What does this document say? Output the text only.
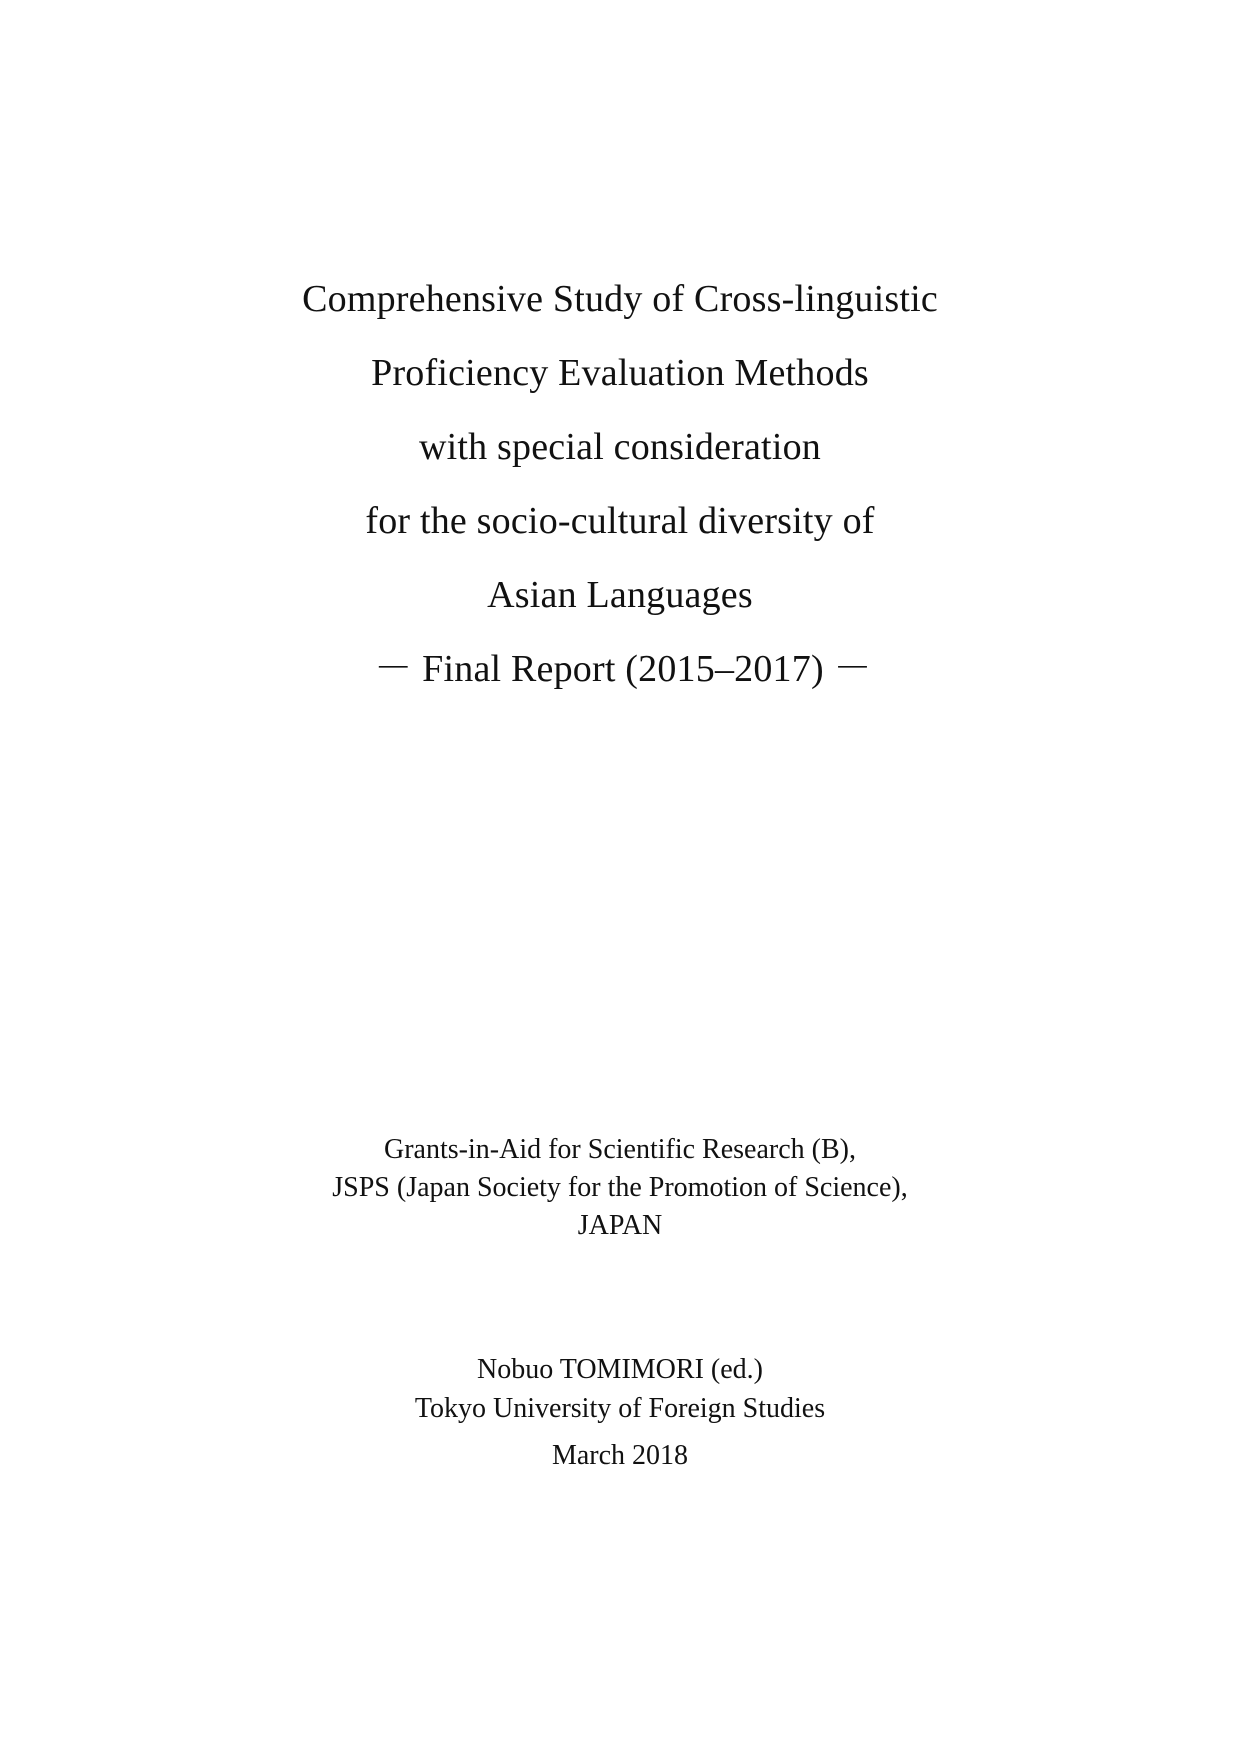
Comprehensive Study of Cross-linguistic
Proficiency Evaluation Methods
with special consideration
for the socio-cultural diversity of
Asian Languages
－ Final Report (2015–2017) －
Grants-in-Aid for Scientific Research (B),
JSPS (Japan Society for the Promotion of Science),
JAPAN
Nobuo TOMIMORI (ed.)
Tokyo University of Foreign Studies
March 2018
